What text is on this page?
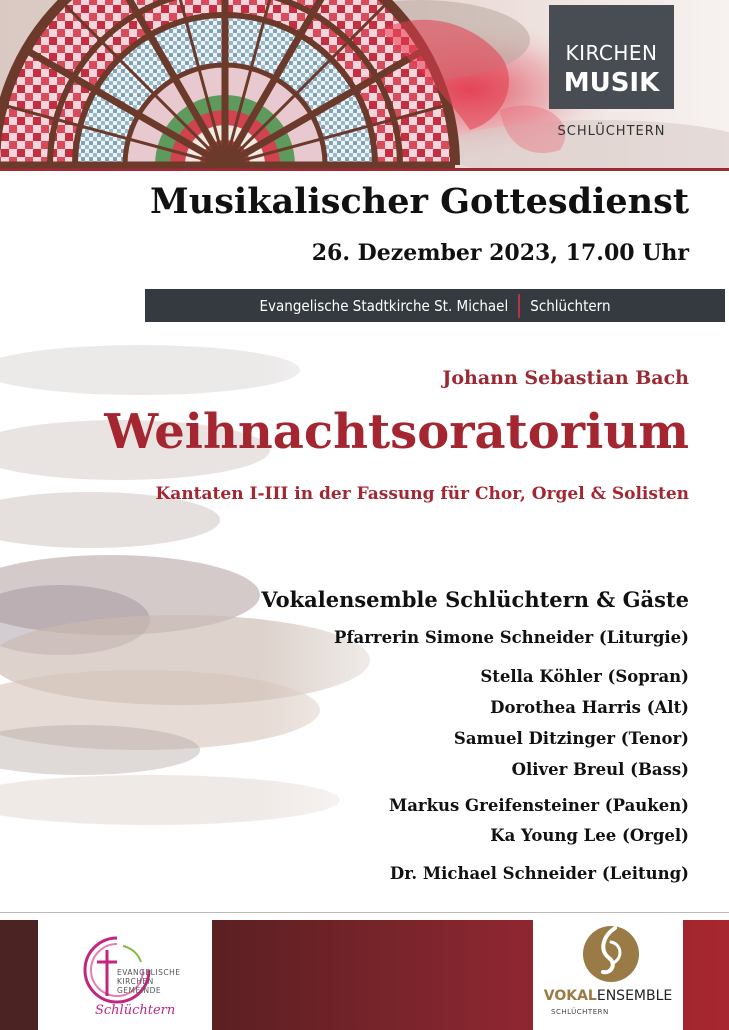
KIRCHEN
MUSIK
SCHLÜCHTERN
Musikalischer Gottesdienst
26. Dezember 2023, 17.00 Uhr
Evangelische Stadtkirche St. Michael Schlüchtern
Johann Sebastian Bach
Weihnachtsoratorium
Kantaten I-III in der Fassung für Chor, Orgel & Solisten
Vokalensemble Schlüchtern & Gäste
Pfarrerin Simone Schneider (Liturgie)
Stella Köhler (Sopran)
Dorothea Harris (Alt)
Samuel Ditzinger (Tenor)
Oliver Breul (Bass)
Markus Greifensteiner (Pauken)
Ka Young Lee (Orgel)
Dr. Michael Schneider (Leitung)
EVANGELISCHE
KIRCHEN
GEMEINDE
Schlüchtern
VOKALENSEMBLE
SCHLÜCHTERN
